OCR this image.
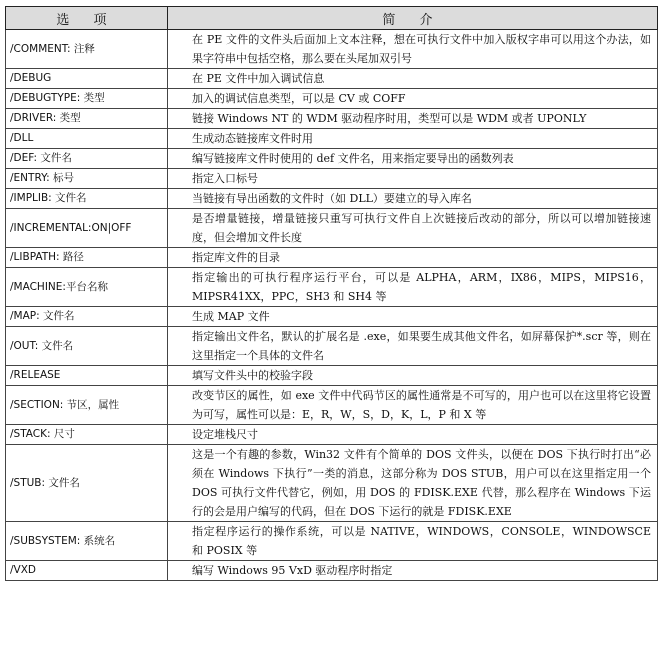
选 项	简 介
/COMMENT: 注释	在 PE 文件的文件头后面加上文本注释，想在可执行文件中加入版权字串可以用这个办法，如果字符串中包括空格，那么要在头尾加双引号
/DEBUG	在 PE 文件中加入调试信息
/DEBUGTYPE: 类型	加入的调试信息类型，可以是 CV 或 COFF
/DRIVER: 类型	链接 Windows NT 的 WDM 驱动程序时用，类型可以是 WDM 或者 UPONLY
/DLL	生成动态链接库文件时用
/DEF: 文件名	编写链接库文件时使用的 def 文件名，用来指定要导出的函数列表
/ENTRY: 标号	指定入口标号
/IMPLIB: 文件名	当链接有导出函数的文件时（如 DLL）要建立的导入库名
/INCREMENTAL:ON|OFF	是否增量链接，增量链接只重写可执行文件自上次链接后改动的部分，所以可以增加链接速度，但会增加文件长度
/LIBPATH: 路径	指定库文件的目录
/MACHINE:平台名称	指定输出的可执行程序运行平台，可以是 ALPHA，ARM，IX86，MIPS，MIPS16，MIPSR41XX，PPC，SH3 和 SH4 等
/MAP: 文件名	生成 MAP 文件
/OUT: 文件名	指定输出文件名，默认的扩展名是 .exe，如果要生成其他文件名，如屏幕保护*.scr 等，则在这里指定一个具体的文件名
/RELEASE	填写文件头中的校验字段
/SECTION: 节区，属性	改变节区的属性，如 exe 文件中代码节区的属性通常是不可写的，用户也可以在这里将它设置为可写，属性可以是：E，R，W，S，D，K，L，P 和 X 等
/STACK: 尺寸	设定堆栈尺寸
/STUB: 文件名	这是一个有趣的参数，Win32 文件有个简单的 DOS 文件头，以便在 DOS 下执行时打出“必须在 Windows 下执行”一类的消息，这部分称为 DOS STUB，用户可以在这里指定用一个 DOS 可执行文件代替它，例如，用 DOS 的 FDISK.EXE 代替，那么程序在 Windows 下运行的会是用户编写的代码，但在 DOS 下运行的就是 FDISK.EXE
/SUBSYSTEM: 系统名	指定程序运行的操作系统，可以是 NATIVE，WINDOWS，CONSOLE，WINDOWSCE 和 POSIX 等
/VXD	编写 Windows 95 VxD 驱动程序时指定
